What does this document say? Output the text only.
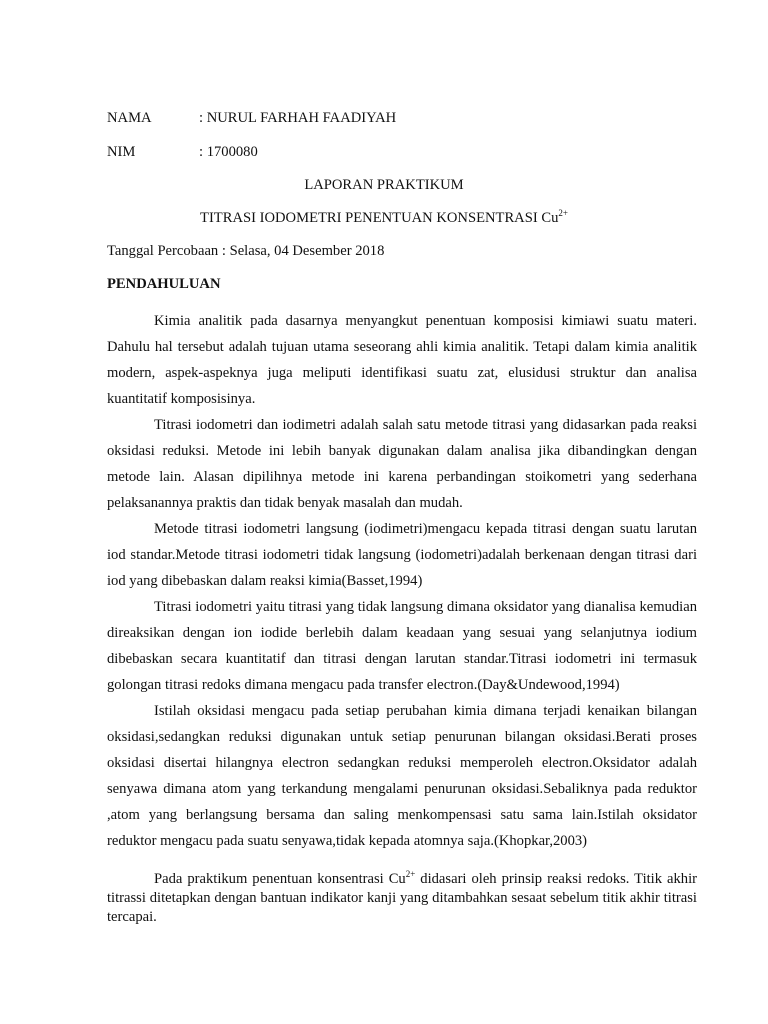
NAMA	: NURUL FARHAH FAADIYAH
NIM	: 1700080
LAPORAN PRAKTIKUM
TITRASI IODOMETRI PENENTUAN KONSENTRASI $Cu^{2+}$
Tanggal Percobaan : Selasa, 04 Desember 2018
PENDAHULUAN

Kimia analitik pada dasarnya menyangkut penentuan komposisi kimiawi suatu materi. Dahulu hal tersebut adalah tujuan utama seseorang ahli kimia analitik. Tetapi dalam kimia analitik modern, aspek-aspeknya juga meliputi identifikasi suatu zat, elusidusi struktur dan analisa kuantitatif komposisinya.

Titrasi iodometri dan iodimetri adalah salah satu metode titrasi yang didasarkan pada reaksi oksidasi reduksi. Metode ini lebih banyak digunakan dalam analisa jika dibandingkan dengan metode lain. Alasan dipilihnya metode ini karena perbandingan stoikometri yang sederhana pelaksanannya praktis dan tidak benyak masalah dan mudah.

Metode titrasi iodometri langsung (iodimetri)mengacu kepada titrasi dengan suatu larutan iod standar.Metode titrasi iodometri tidak langsung (iodometri)adalah berkenaan dengan titrasi dari iod yang dibebaskan dalam reaksi kimia(Basset,1994)

Titrasi iodometri yaitu titrasi yang tidak langsung dimana oksidator yang dianalisa kemudian direaksikan dengan ion iodide berlebih dalam keadaan yang sesuai yang selanjutnya iodium dibebaskan secara kuantitatif dan titrasi dengan larutan standar.Titrasi iodometri ini termasuk golongan titrasi redoks dimana mengacu pada transfer electron.(Day&Undewood,1994)

Istilah oksidasi mengacu pada setiap perubahan kimia dimana terjadi kenaikan bilangan oksidasi,sedangkan reduksi digunakan untuk setiap penurunan bilangan oksidasi.Berati proses oksidasi disertai hilangnya electron sedangkan reduksi memperoleh electron.Oksidator adalah senyawa dimana atom yang terkandung mengalami penurunan oksidasi.Sebaliknya pada reduktor ,atom yang berlangsung bersama dan saling menkompensasi satu sama lain.Istilah oksidator reduktor mengacu pada suatu senyawa,tidak kepada atomnya saja.(Khopkar,2003)

Pada praktikum penentuan konsentrasi $Cu^{2+}$ didasari oleh prinsip reaksi redoks. Titik akhir titrassi ditetapkan dengan bantuan indikator kanji yang ditambahkan sesaat sebelum titik akhir titrasi tercapai.
